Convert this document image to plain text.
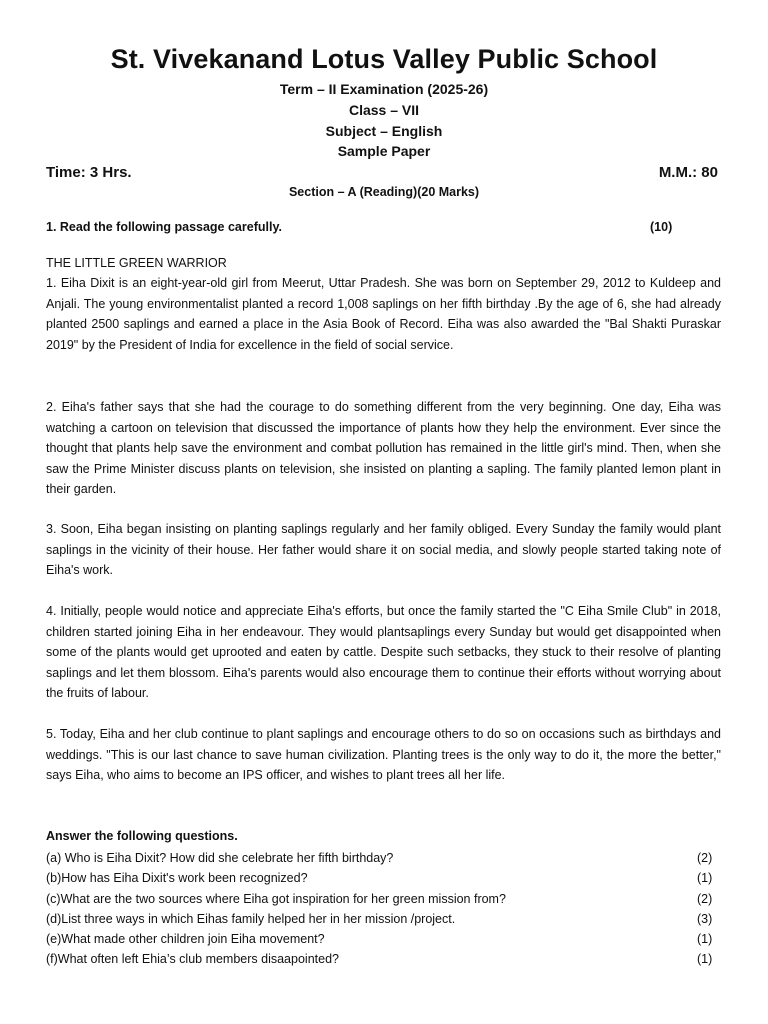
St. Vivekanand Lotus Valley Public School
Term – II Examination (2025-26)
Class – VII
Subject – English
Sample Paper
Time: 3 Hrs.	M.M.: 80
Section – A (Reading)(20 Marks)
1. Read the following passage carefully.	(10)
THE LITTLE GREEN WARRIOR

1. Eiha Dixit is an eight-year-old girl from Meerut, Uttar Pradesh. She was born on September 29, 2012 to Kuldeep and Anjali. The young environmentalist planted a record 1,008 saplings on her fifth birthday .By the age of 6, she had already planted 2500 saplings and earned a place in the Asia Book of Record. Eiha was also awarded the "Bal Shakti Puraskar 2019" by the President of India for excellence in the field of social service.

2. Eiha's father says that she had the courage to do something different from the very beginning. One day, Eiha was watching a cartoon on television that discussed the importance of plants how they help the environment. Ever since the thought that plants help save the environment and combat pollution has remained in the little girl's mind. Then, when she saw the Prime Minister discuss plants on television, she insisted on planting a sapling. The family planted lemon plant in their garden.

3. Soon, Eiha began insisting on planting saplings regularly and her family obliged. Every Sunday the family would plant saplings in the vicinity of their house. Her father would share it on social media, and slowly people started taking note of Eiha's work.

4. Initially, people would notice and appreciate Eiha's efforts, but once the family started the "C Eiha Smile Club" in 2018, children started joining Eiha in her endeavour. They would plantsaplings every Sunday but would get disappointed when some of the plants would get uprooted and eaten by cattle. Despite such setbacks, they stuck to their resolve of planting saplings and let them blossom. Eiha's parents would also encourage them to continue their efforts without worrying about the fruits of labour.

5. Today, Eiha and her club continue to plant saplings and encourage others to do so on occasions such as birthdays and weddings. "This is our last chance to save human civilization. Planting trees is the only way to do it, the more the better," says Eiha, who aims to become an IPS officer, and wishes to plant trees all her life.

Answer the following questions.
(a) Who is Eiha Dixit? How did she celebrate her fifth birthday?	(2)
(b)How has Eiha Dixit's work been recognized?	(1)
(c)What are the two sources where Eiha got inspiration for her green mission from?	(2)
(d)List three ways in which Eihas family helped her in her mission /project.	(3)
(e)What made other children join Eiha movement?	(1)
(f)What often left Ehia’s club members disaapointed?	(1)
